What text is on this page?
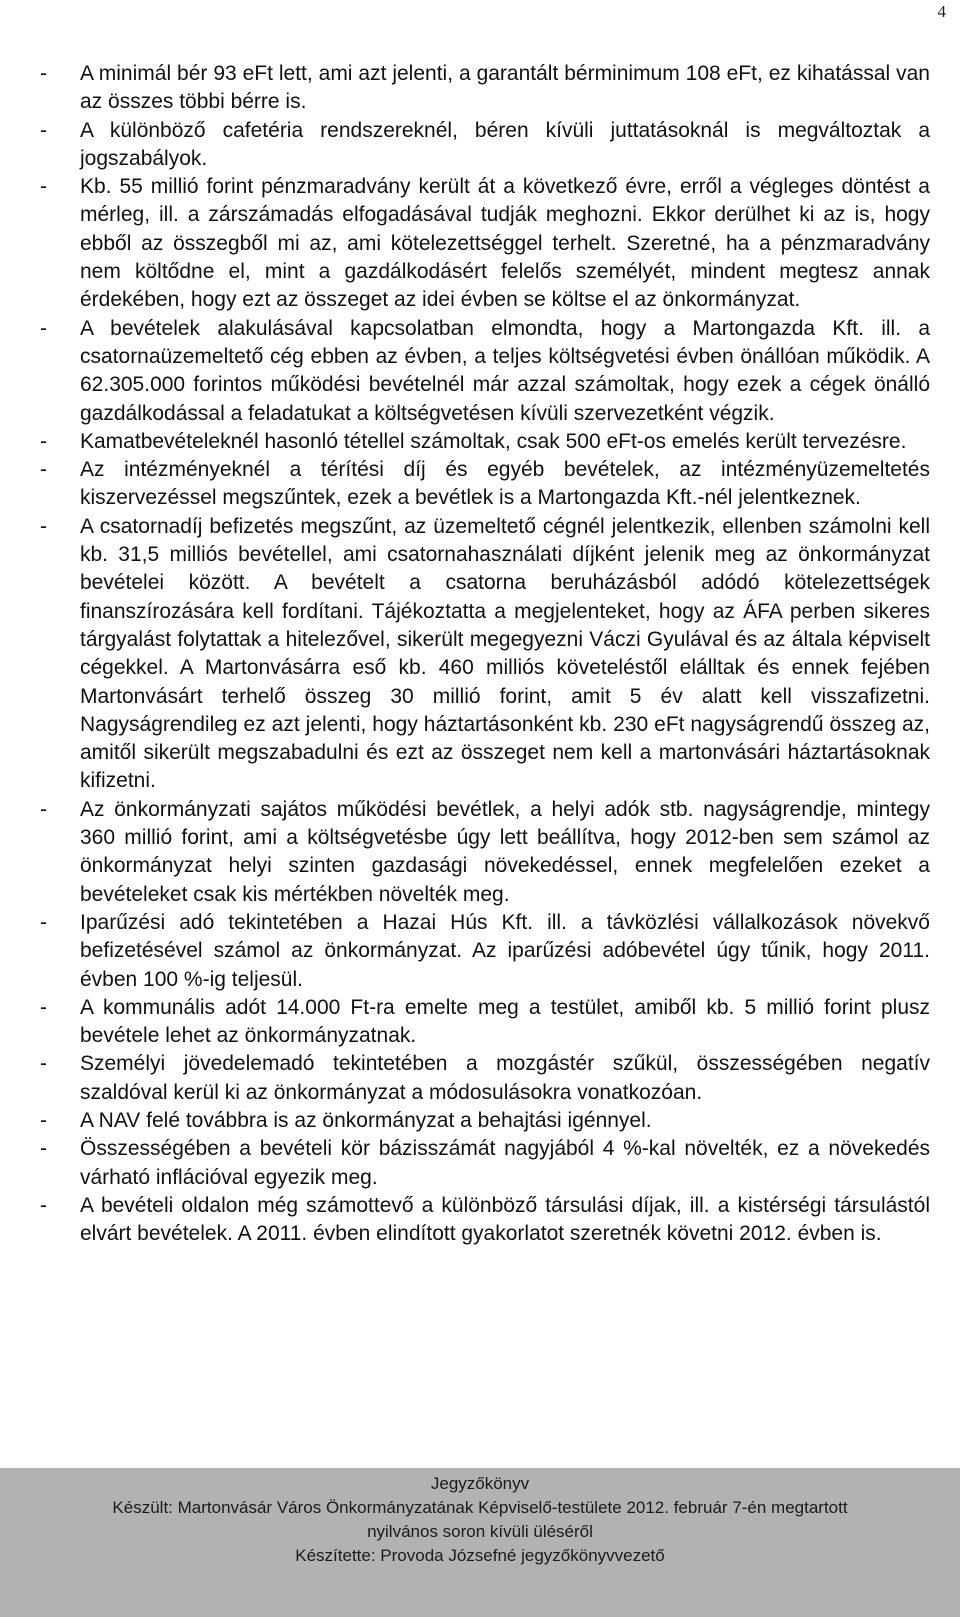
4
-	A minimál bér 93 eFt lett, ami azt jelenti, a garantált bérminimum 108 eFt, ez kihatással van az összes többi bérre is.
-	A különböző cafetéria rendszereknél, béren kívüli juttatásoknál is megváltoztak a jogszabályok.
-	Kb. 55 millió forint pénzmaradvány került át a következő évre, erről a végleges döntést a mérleg, ill. a zárszámadás elfogadásával tudják meghozni. Ekkor derülhet ki az is, hogy ebből az összegből mi az, ami kötelezettséggel terhelt. Szeretné, ha a pénzmaradvány nem költődne el, mint a gazdálkodásért felelős személyét, mindent megtesz annak érdekében, hogy ezt az összeget az idei évben se költse el az önkormányzat.
-	A bevételek alakulásával kapcsolatban elmondta, hogy a Martongazda Kft. ill. a csatornaüzemeltető cég ebben az évben, a teljes költségvetési évben önállóan működik. A 62.305.000 forintos működési bevételnél már azzal számoltak, hogy ezek a cégek önálló gazdálkodással a feladatukat a költségvetésen kívüli szervezetként végzik.
-	Kamatbevételeknél hasonló tétellel számoltak, csak 500 eFt-os emelés került tervezésre.
-	Az intézményeknél a térítési díj és egyéb bevételek, az intézményüzemeltetés kiszervezéssel megszűntek, ezek a bevétlek is a Martongazda Kft.-nél jelentkeznek.
-	A csatornadíj befizetés megszűnt, az üzemeltető cégnél jelentkezik, ellenben számolni kell kb. 31,5 milliós bevétellel, ami csatornahasználati díjként jelenik meg az önkormányzat bevételei között. A bevételt a csatorna beruházásból adódó kötelezettségek finanszírozására kell fordítani. Tájékoztatta a megjelenteket, hogy az ÁFA perben sikeres tárgyalást folytattak a hitelezővel, sikerült megegyezni Váczi Gyulával és az általa képviselt cégekkel. A Martonvásárra eső kb. 460 milliós követeléstől elálltak és ennek fejében Martonvásárt terhelő összeg 30 millió forint, amit 5 év alatt kell visszafizetni. Nagyságrendileg ez azt jelenti, hogy háztartásonként kb. 230 eFt nagyságrendű összeg az, amitől sikerült megszabadulni és ezt az összeget nem kell a martonvásári háztartásoknak kifizetni.
-	Az önkormányzati sajátos működési bevétlek, a helyi adók stb. nagyságrendje, mintegy 360 millió forint, ami a költségvetésbe úgy lett beállítva, hogy 2012-ben sem számol az önkormányzat helyi szinten gazdasági növekedéssel, ennek megfelelően ezeket a bevételeket csak kis mértékben növelték meg.
-	Iparűzési adó tekintetében a Hazai Hús Kft. ill. a távközlési vállalkozások növekvő befizetésével számol az önkormányzat. Az iparűzési adóbevétel úgy tűnik, hogy 2011. évben 100 %-ig teljesül.
-	A kommunális adót 14.000 Ft-ra emelte meg a testület, amiből kb. 5 millió forint plusz bevétele lehet az önkormányzatnak.
-	Személyi jövedelemadó tekintetében a mozgástér szűkül, összességében negatív szaldóval kerül ki az önkormányzat a módosulásokra vonatkozóan.
-	A NAV felé továbbra is az önkormányzat a behajtási igénnyel.
-	Összességében a bevételi kör bázisszámát nagyjából 4 %-kal növelték, ez a növekedés várható inflációval egyezik meg.
-	A bevételi oldalon még számottevő a különböző társulási díjak, ill. a kistérségi társulástól elvárt bevételek. A 2011. évben elindított gyakorlatot szeretnék követni 2012. évben is.
Jegyzőkönyv
Készült: Martonvásár Város Önkormányzatának Képviselő-testülete 2012. február 7-én megtartott
nyilvános soron kívüli üléséről
Készítette: Provoda Józsefné jegyzőkönyvvezető
